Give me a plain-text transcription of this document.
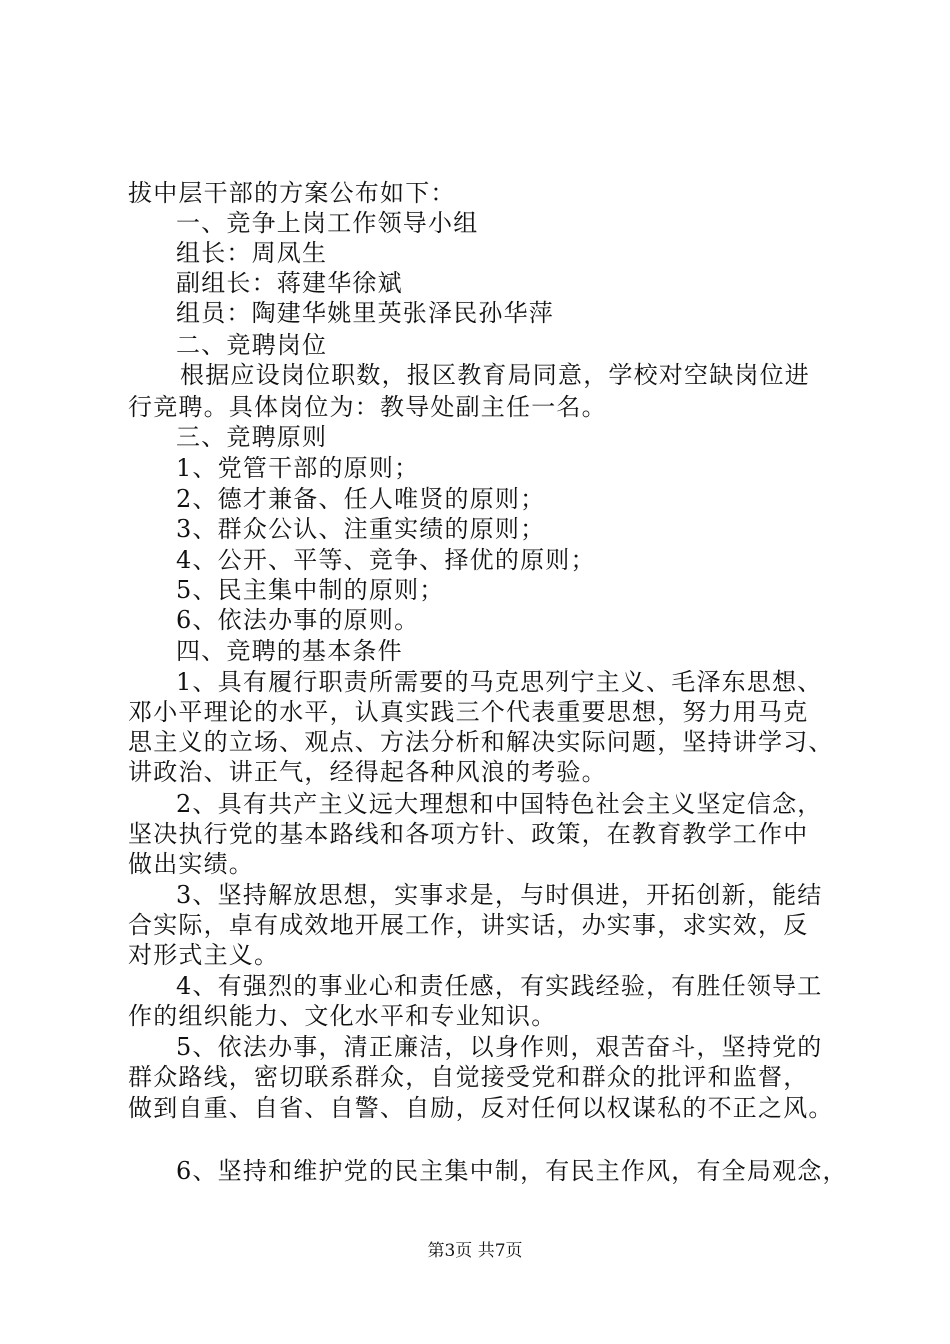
拔中层干部的方案公布如下：
一、竞争上岗工作领导小组
组长：周凤生
副组长：蒋建华徐斌
组员：陶建华姚里英张泽民孙华萍
二、竞聘岗位
根据应设岗位职数，报区教育局同意，学校对空缺岗位进
行竞聘。具体岗位为：教导处副主任一名。
三、竞聘原则
1、党管干部的原则；
2、德才兼备、任人唯贤的原则；
3、群众公认、注重实绩的原则；
4、公开、平等、竞争、择优的原则；
5、民主集中制的原则；
6、依法办事的原则。
四、竞聘的基本条件
1、具有履行职责所需要的马克思列宁主义、毛泽东思想、
邓小平理论的水平，认真实践三个代表重要思想，努力用马克
思主义的立场、观点、方法分析和解决实际问题，坚持讲学习、
讲政治、讲正气，经得起各种风浪的考验。
2、具有共产主义远大理想和中国特色社会主义坚定信念，
坚决执行党的基本路线和各项方针、政策，在教育教学工作中
做出实绩。
3、坚持解放思想，实事求是，与时俱进，开拓创新，能结
合实际，卓有成效地开展工作，讲实话，办实事，求实效，反
对形式主义。
4、有强烈的事业心和责任感，有实践经验，有胜任领导工
作的组织能力、文化水平和专业知识。
5、依法办事，清正廉洁，以身作则，艰苦奋斗，坚持党的
群众路线，密切联系群众，自觉接受党和群众的批评和监督，
做到自重、自省、自警、自励，反对任何以权谋私的不正之风。
6、坚持和维护党的民主集中制，有民主作风，有全局观念，
第3页 共7页
